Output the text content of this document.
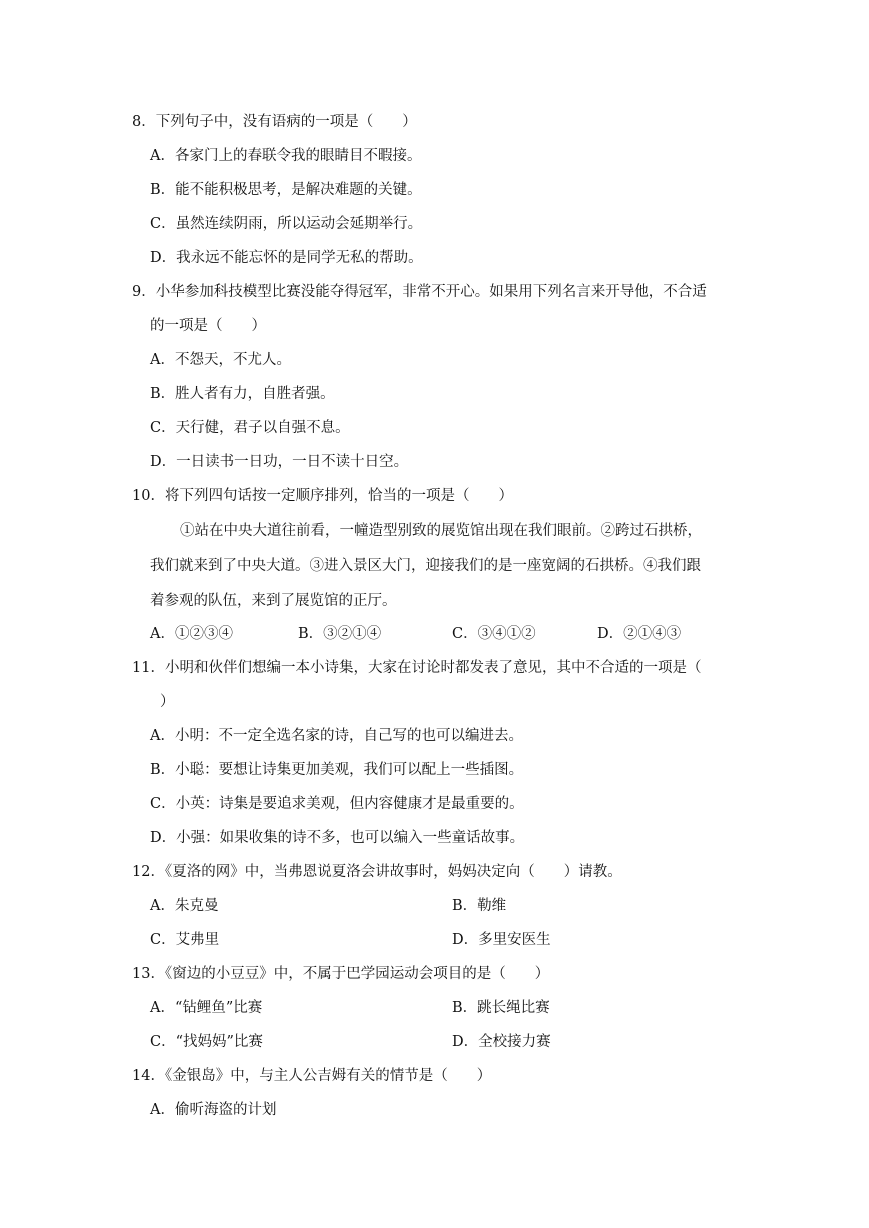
8．下列句子中，没有语病的一项是（　　）
A．各家门上的春联令我的眼睛目不暇接。
B．能不能积极思考，是解决难题的关键。
C．虽然连续阴雨，所以运动会延期举行。
D．我永远不能忘怀的是同学无私的帮助。
9．小华参加科技模型比赛没能夺得冠军，非常不开心。如果用下列名言来开导他，不合适
的一项是（　　）
A．不怨天，不尤人。
B．胜人者有力，自胜者强。
C．天行健，君子以自强不息。
D．一日读书一日功，一日不读十日空。
10．将下列四句话按一定顺序排列，恰当的一项是（　　）
①站在中央大道往前看，一幢造型别致的展览馆出现在我们眼前。②跨过石拱桥，
我们就来到了中央大道。③进入景区大门，迎接我们的是一座宽阔的石拱桥。④我们跟
着参观的队伍，来到了展览馆的正厅。
A．①②③④	B．③②①④	C．③④①②	D．②①④③
11．小明和伙伴们想编一本小诗集，大家在讨论时都发表了意见，其中不合适的一项是（
）
A．小明：不一定全选名家的诗，自己写的也可以编进去。
B．小聪：要想让诗集更加美观，我们可以配上一些插图。
C．小英：诗集是要追求美观，但内容健康才是最重要的。
D．小强：如果收集的诗不多，也可以编入一些童话故事。
12．《夏洛的网》中，当弗恩说夏洛会讲故事时，妈妈决定向（　　）请教。
A．朱克曼	B．勒维
C．艾弗里	D．多里安医生
13．《窗边的小豆豆》中，不属于巴学园运动会项目的是（　　）
A．“钻鲤鱼”比赛	B．跳长绳比赛
C．“找妈妈”比赛	D．全校接力赛
14．《金银岛》中，与主人公吉姆有关的情节是（　　）
A．偷听海盗的计划
